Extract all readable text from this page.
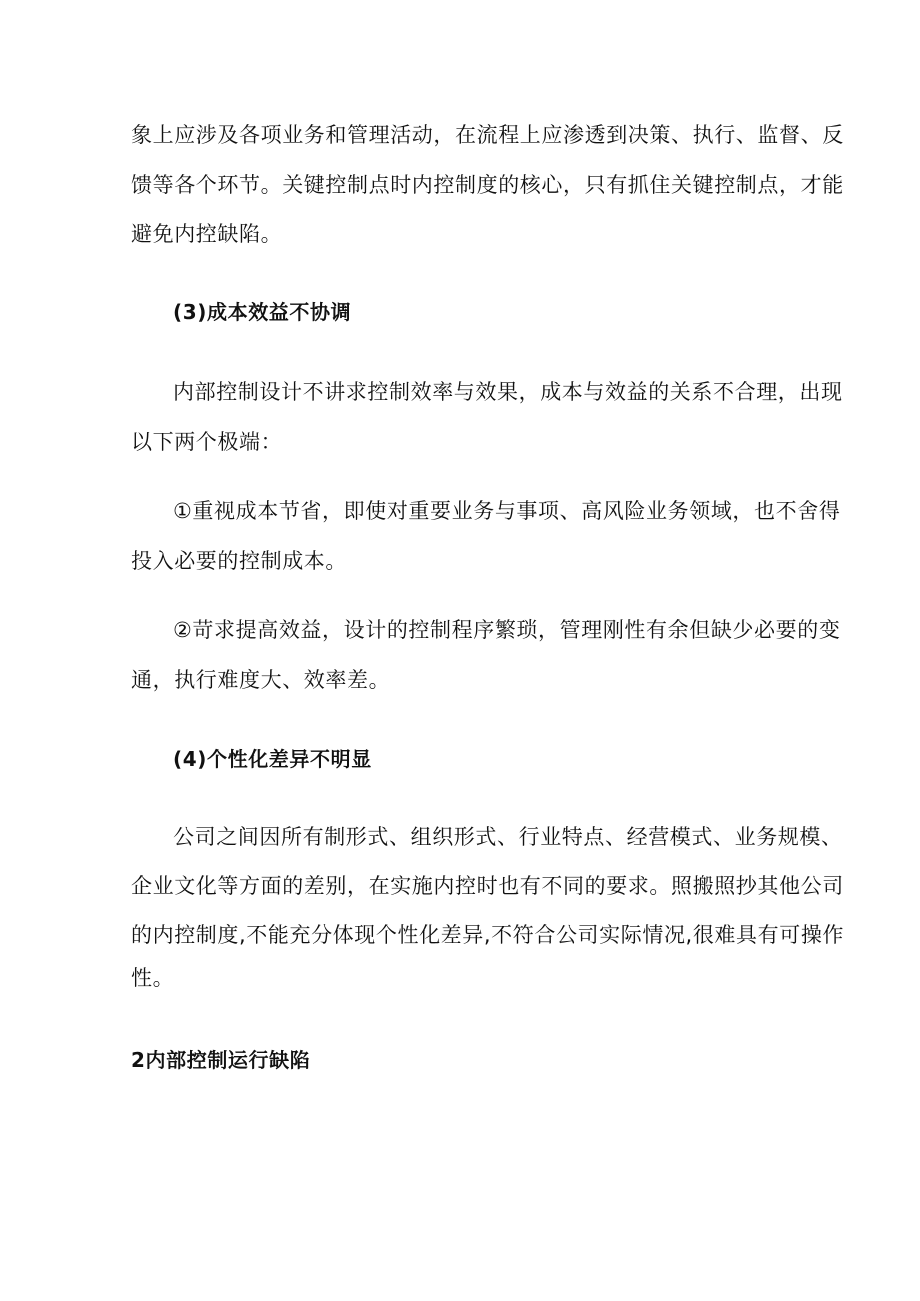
象上应涉及各项业务和管理活动，在流程上应渗透到决策、执行、监督、反
馈等各个环节。关键控制点时内控制度的核心，只有抓住关键控制点，才能
避免内控缺陷。
(3)成本效益不协调
内部控制设计不讲求控制效率与效果，成本与效益的关系不合理，出现
以下两个极端：
①重视成本节省，即使对重要业务与事项、高风险业务领域，也不舍得
投入必要的控制成本。
②苛求提高效益，设计的控制程序繁琐，管理刚性有余但缺少必要的变
通，执行难度大、效率差。
(4)个性化差异不明显
公司之间因所有制形式、组织形式、行业特点、经营模式、业务规模、
企业文化等方面的差别，在实施内控时也有不同的要求。照搬照抄其他公司
的内控制度,不能充分体现个性化差异,不符合公司实际情况,很难具有可操作
性。
2内部控制运行缺陷
